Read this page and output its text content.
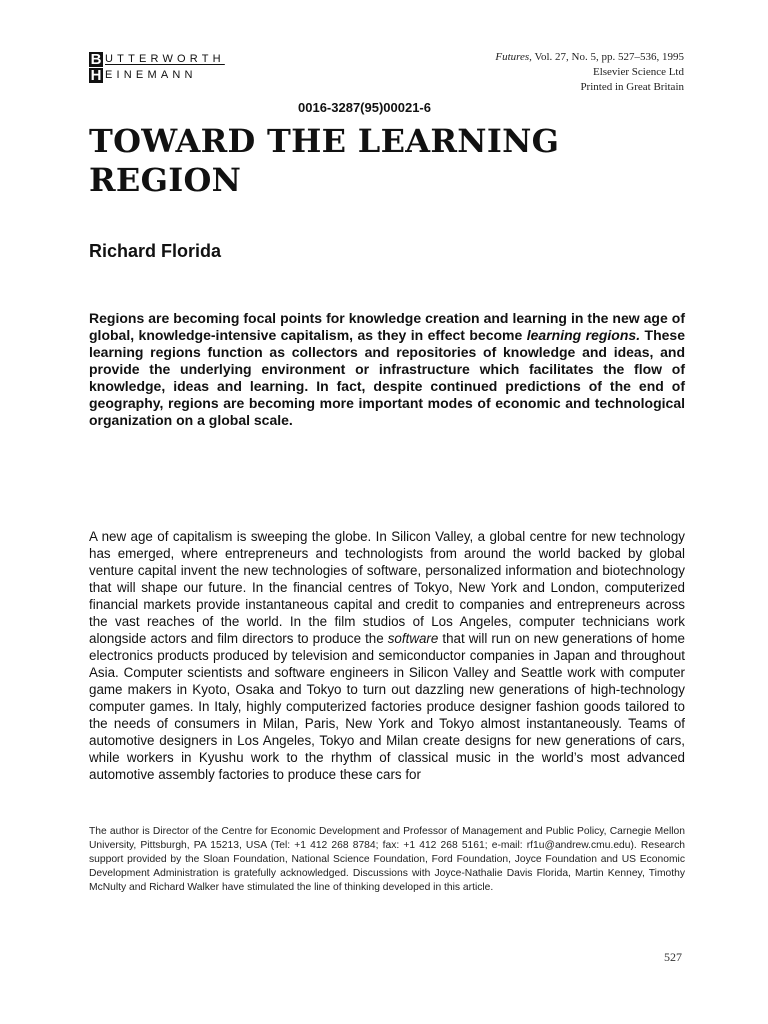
B UTTERWORTH
H EINEMANN
Futures, Vol. 27, No. 5, pp. 527–536, 1995
Elsevier Science Ltd
Printed in Great Britain
0016-3287(95)00021-6
TOWARD THE LEARNING REGION
Richard Florida

Regions are becoming focal points for knowledge creation and learning in the new age of global, knowledge-intensive capitalism, as they in effect become learning regions. These learning regions function as collectors and repositories of knowledge and ideas, and provide the underlying environment or infrastructure which facilitates the flow of knowledge, ideas and learning. In fact, despite continued predictions of the end of geography, regions are becoming more important modes of economic and technological organization on a global scale.

A new age of capitalism is sweeping the globe. In Silicon Valley, a global centre for new technology has emerged, where entrepreneurs and technologists from around the world backed by global venture capital invent the new technologies of software, personalized information and biotechnology that will shape our future. In the financial centres of Tokyo, New York and London, computerized financial markets provide instantaneous capital and credit to companies and entrepreneurs across the vast reaches of the world. In the film studios of Los Angeles, computer technicians work alongside actors and film directors to produce the software that will run on new generations of home electronics products produced by television and semiconductor companies in Japan and throughout Asia. Computer scientists and software engineers in Silicon Valley and Seattle work with computer game makers in Kyoto, Osaka and Tokyo to turn out dazzling new generations of high-technology computer games. In Italy, highly computerized factories produce designer fashion goods tailored to the needs of consumers in Milan, Paris, New York and Tokyo almost instantaneously. Teams of automotive designers in Los Angeles, Tokyo and Milan create designs for new generations of cars, while workers in Kyushu work to the rhythm of classical music in the world’s most advanced automotive assembly factories to produce these cars for

The author is Director of the Centre for Economic Development and Professor of Management and Public Policy, Carnegie Mellon University, Pittsburgh, PA 15213, USA (Tel: +1 412 268 8784; fax: +1 412 268 5161; e-mail: rf1u@andrew.cmu.edu). Research support provided by the Sloan Foundation, National Science Foundation, Ford Foundation, Joyce Foundation and US Economic Development Administration is gratefully acknowledged. Discussions with Joyce-Nathalie Davis Florida, Martin Kenney, Timothy McNulty and Richard Walker have stimulated the line of thinking developed in this article.

527
